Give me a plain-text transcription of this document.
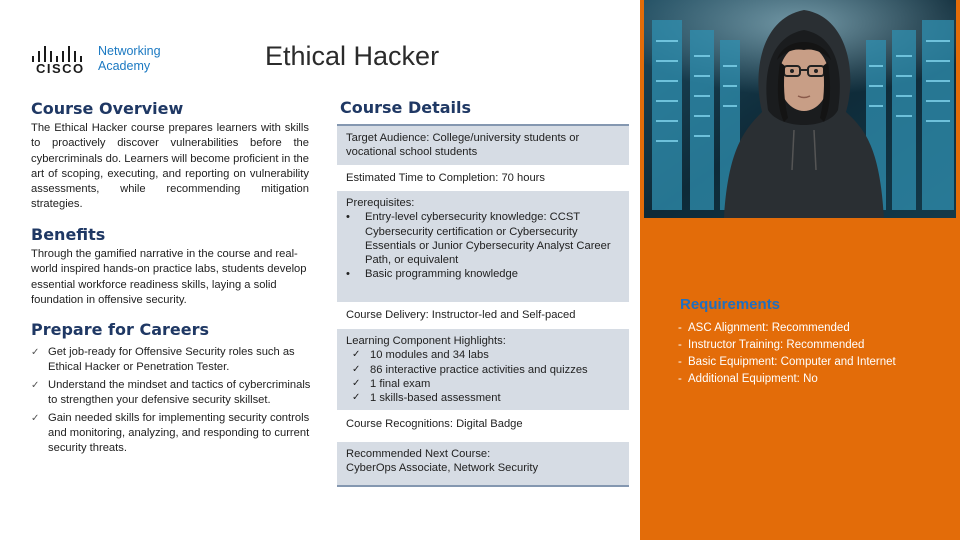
CISCO
Networking
Academy	Ethical Hacker
Course Overview
The Ethical Hacker course prepares learners with skills to proactively discover vulnerabilities before the cybercriminals do. Learners will become proficient in the art of scoping, executing, and reporting on vulnerability assessments, while recommending mitigation strategies.
Benefits
Through the gamified narrative in the course and real-world inspired hands-on practice labs, students develop essential workforce readiness skills, laying a solid foundation in offensive security.
Prepare for Careers
✓ Get job-ready for Offensive Security roles such as Ethical Hacker or Penetration Tester.
✓ Understand the mindset and tactics of cybercriminals to strengthen your defensive security skillset.
✓ Gain needed skills for implementing security controls and monitoring, analyzing, and responding to current security threats.
Course Details
Target Audience: College/university students or vocational school students
Estimated Time to Completion: 70 hours
Prerequisites:
• Entry-level cybersecurity knowledge: CCST Cybersecurity certification or Cybersecurity Essentials or Junior Cybersecurity Analyst Career Path, or equivalent
• Basic programming knowledge
Course Delivery: Instructor-led and Self-paced
Learning Component Highlights:
✓ 10 modules and 34 labs
✓ 86 interactive practice activities and quizzes
✓ 1 final exam
✓ 1 skills-based assessment
Course Recognitions: Digital Badge
Recommended Next Course:
CyberOps Associate, Network Security
Requirements
- ASC Alignment: Recommended
- Instructor Training: Recommended
- Basic Equipment: Computer and Internet
- Additional Equipment: No
